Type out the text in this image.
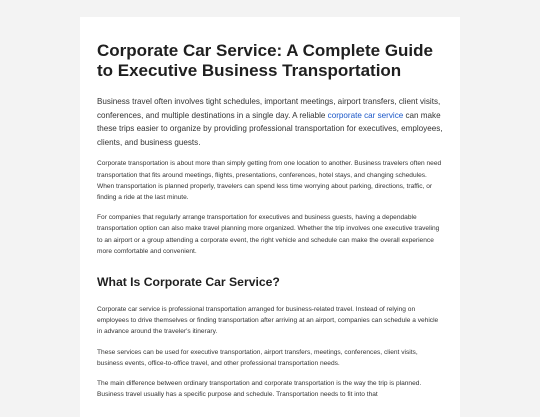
Corporate Car Service: A Complete Guide to Executive Business Transportation

Business travel often involves tight schedules, important meetings, airport transfers, client visits, conferences, and multiple destinations in a single day. A reliable corporate car service can make these trips easier to organize by providing professional transportation for executives, employees, clients, and business guests.

Corporate transportation is about more than simply getting from one location to another. Business travelers often need transportation that fits around meetings, flights, presentations, conferences, hotel stays, and changing schedules. When transportation is planned properly, travelers can spend less time worrying about parking, directions, traffic, or finding a ride at the last minute.

For companies that regularly arrange transportation for executives and business guests, having a dependable transportation option can also make travel planning more organized. Whether the trip involves one executive traveling to an airport or a group attending a corporate event, the right vehicle and schedule can make the overall experience more comfortable and convenient.

What Is Corporate Car Service?

Corporate car service is professional transportation arranged for business-related travel. Instead of relying on employees to drive themselves or finding transportation after arriving at an airport, companies can schedule a vehicle in advance around the traveler's itinerary.

These services can be used for executive transportation, airport transfers, meetings, conferences, client visits, business events, office-to-office travel, and other professional transportation needs.

The main difference between ordinary transportation and corporate transportation is the way the trip is planned. Business travel usually has a specific purpose and schedule. Transportation needs to fit into that
